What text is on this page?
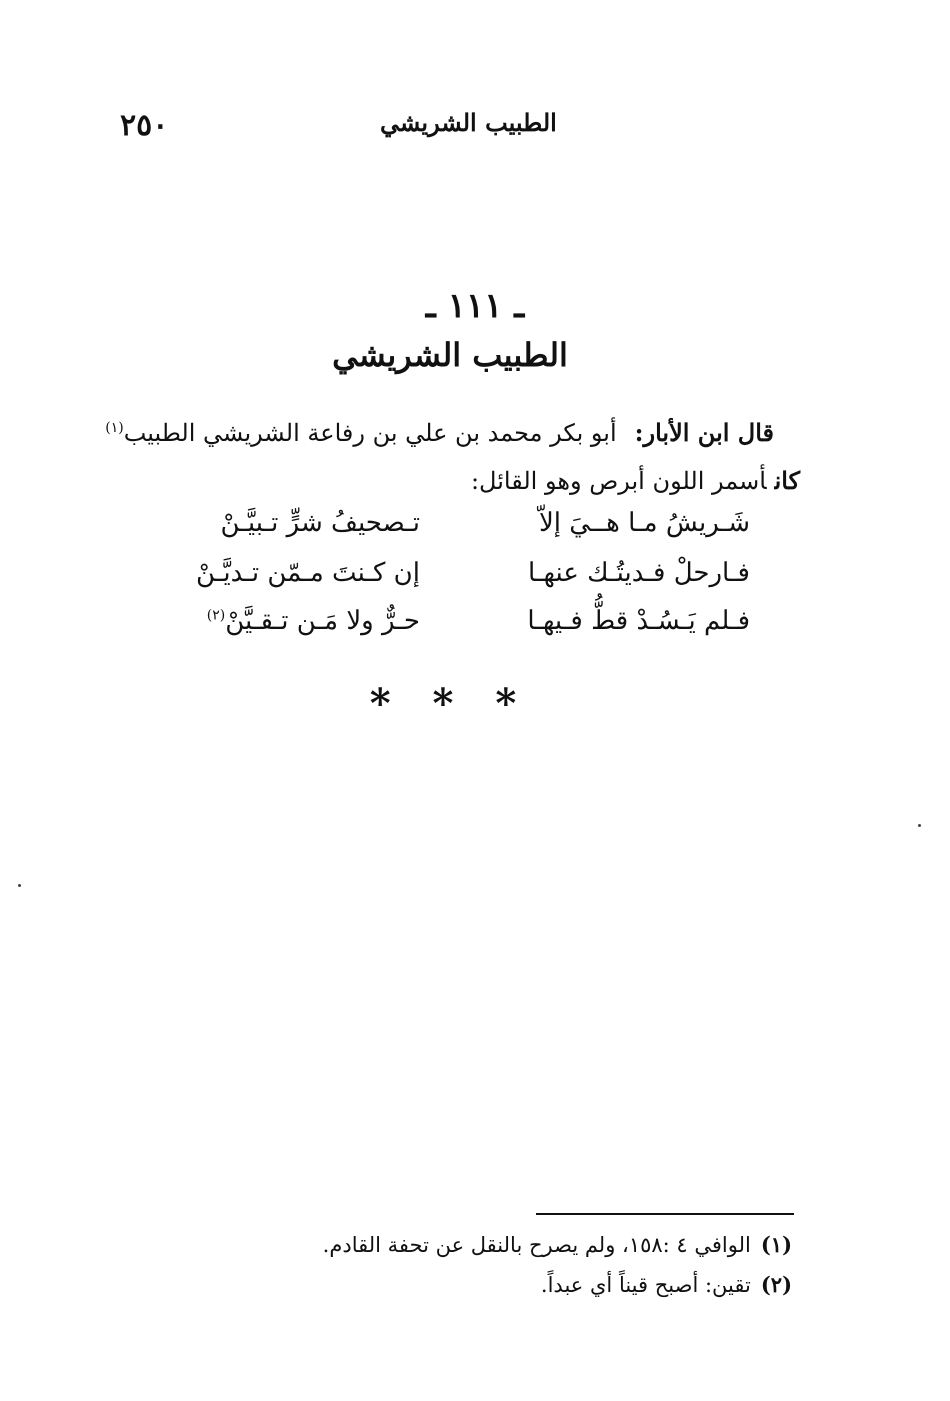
٢٥٠	الطبيب الشريشي
ـ ١١١ ـ
الطبيب الشريشي
قال ابن الأبار:أبو بكر محمد بن علي بن رفاعة الشريشي الطبيب$^{(١)}$
كانأسمر اللون أبرص وهو القائل:
شَـريشُ مـا هــيَ إلاّ
تـصحيفُ شرٍّ تـبيَّـنْ
فـارحلْ فـديتُـك عنهـا
إن كـنتَ مـمّن تـديَّـنْ
فـلم يَـسُـدْ قطُّ فـيهـا
حـرٌّ ولا مَـن تـقـيَّنْ$^{(٢)}$
* * *
(١)الوافي ٤ :١٥٨، ولم يصرح بالنقل عن تحفة القادم.
(٢)تقين: أصبح قيناً أي عبداً.
